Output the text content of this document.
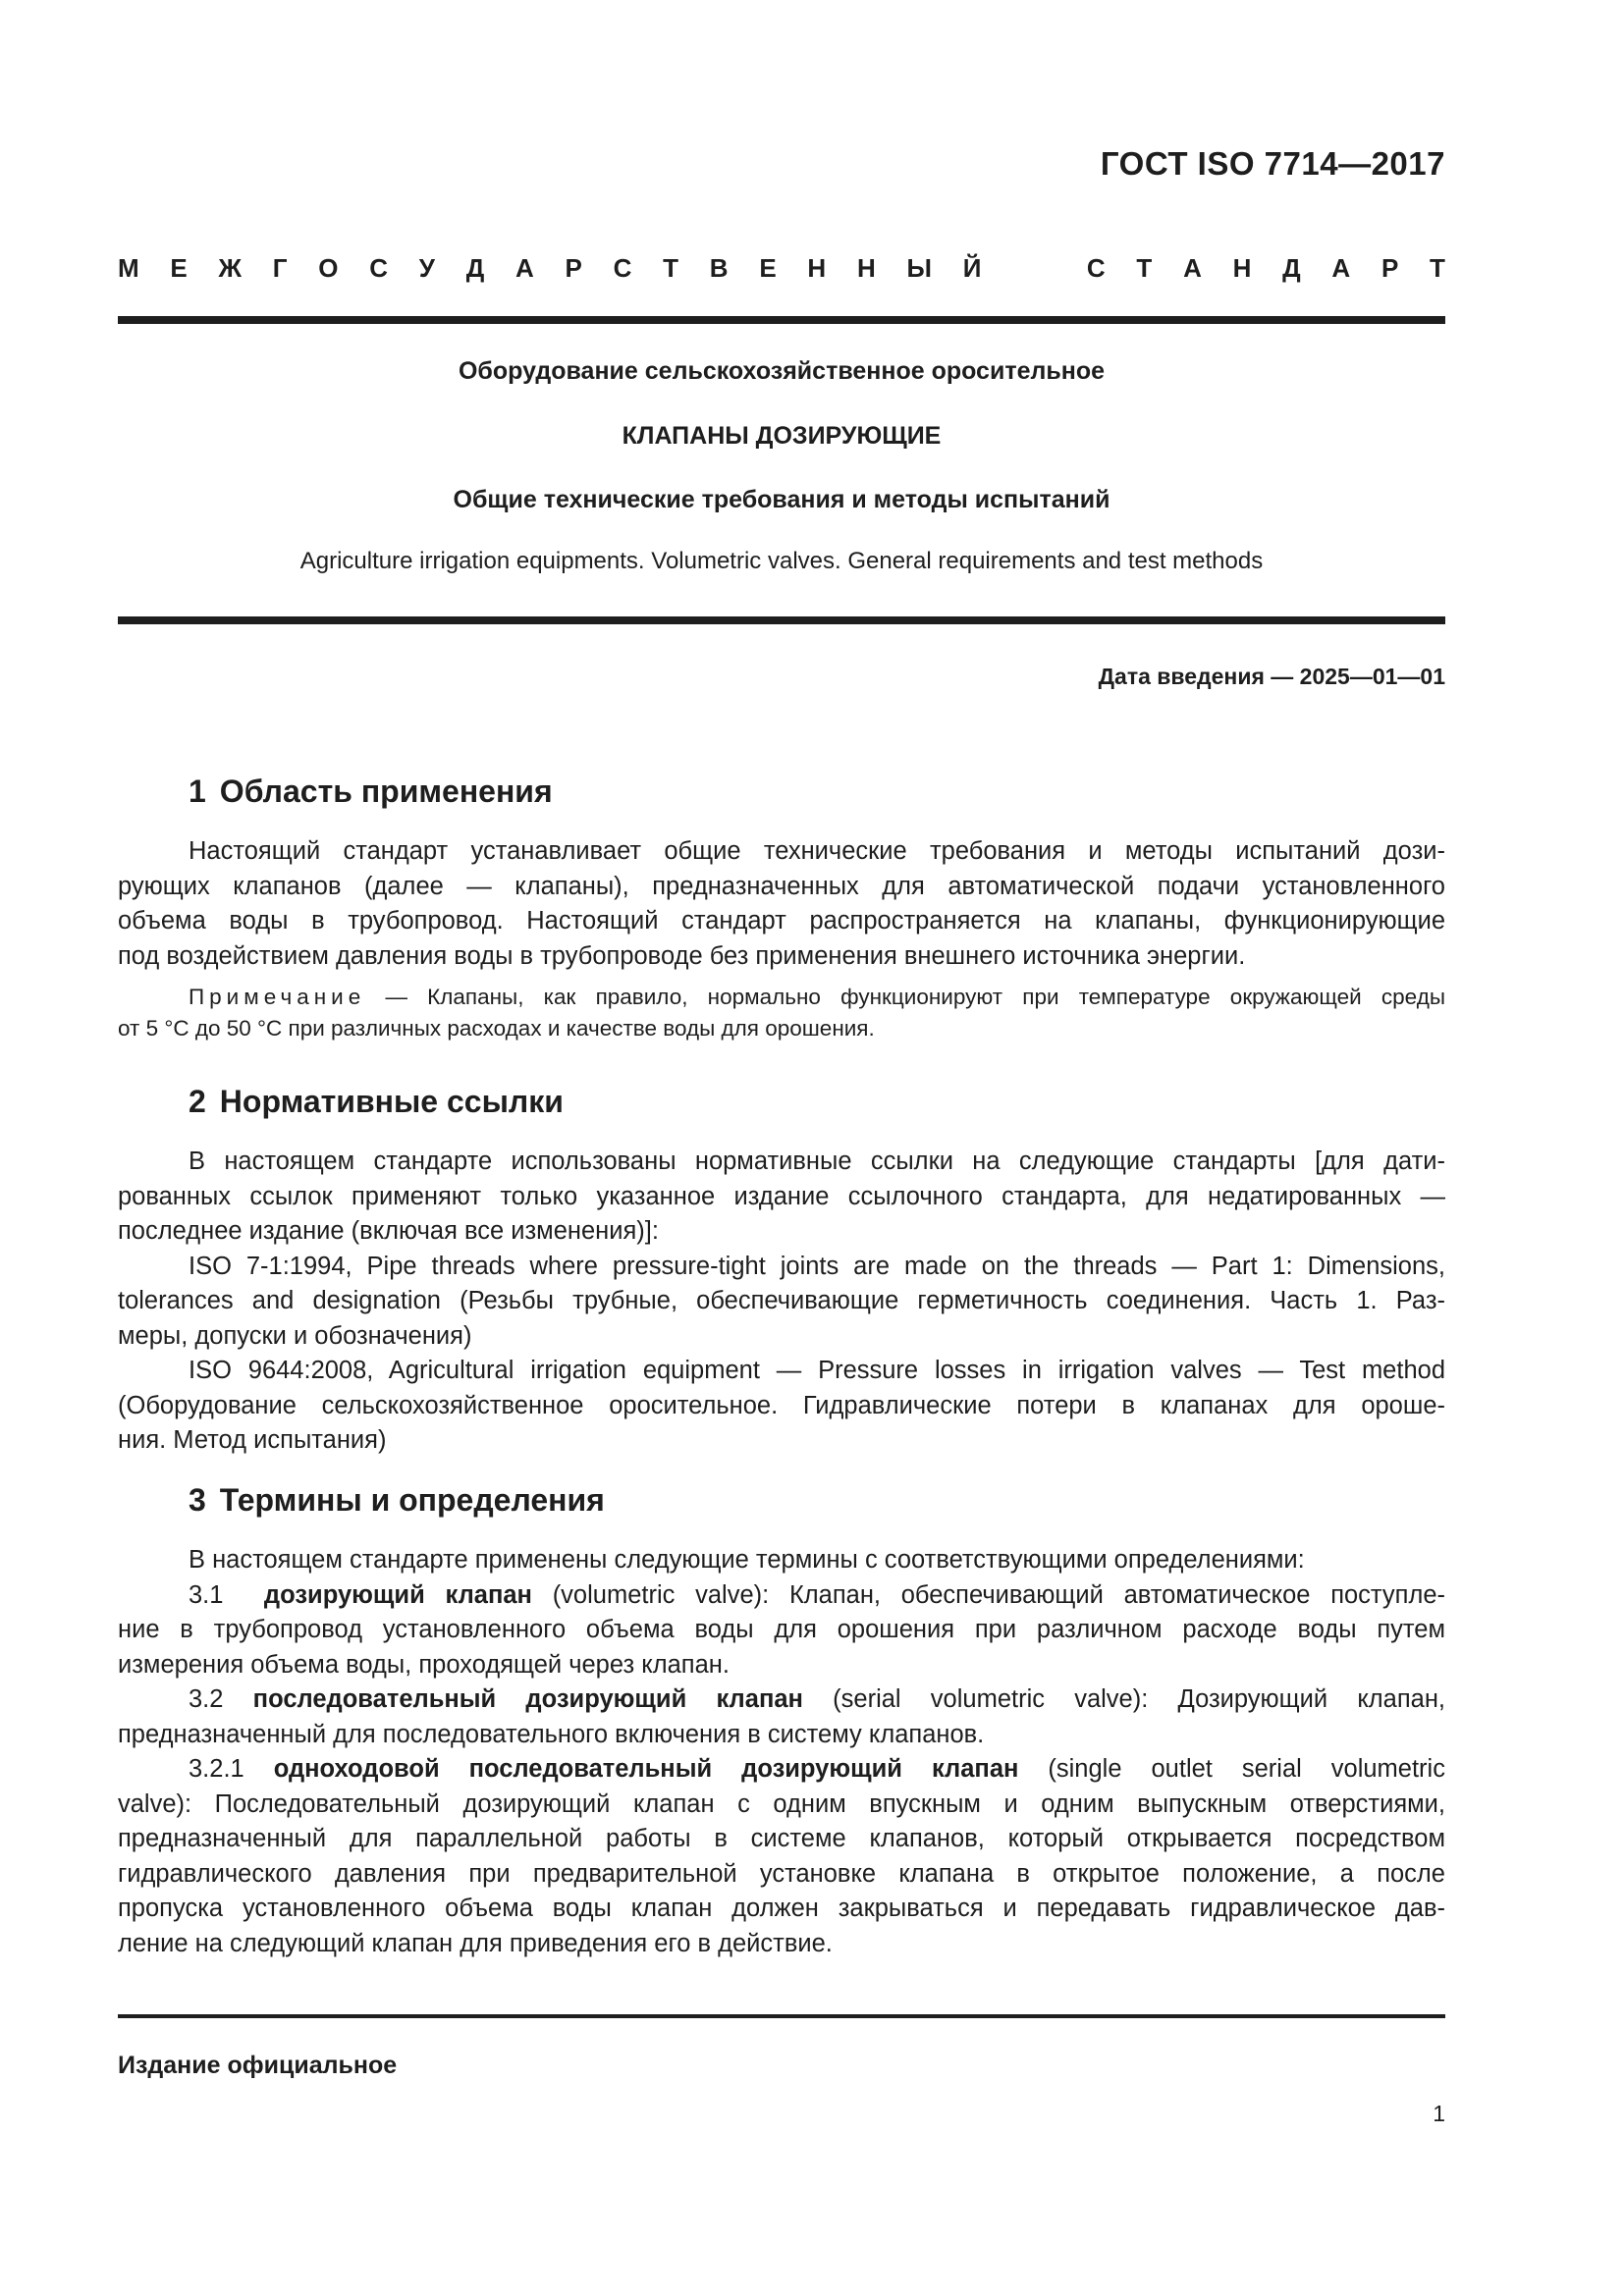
ГОСТ ISO 7714—2017
М Е Ж Г О С У Д А Р С Т В Е Н Н Ы Й	С Т А Н Д А Р Т
Оборудование сельскохозяйственное оросительное
КЛАПАНЫ ДОЗИРУЮЩИЕ
Общие технические требования и методы испытаний
Agriculture irrigation equipments. Volumetric valves. General requirements and test methods
Дата введения — 2025—01—01
1 Область применения
Настоящий стандарт устанавливает общие технические требования и методы испытаний дози-
рующих клапанов (далее — клапаны), предназначенных для автоматической подачи установленного
объема воды в трубопровод. Настоящий стандарт распространяется на клапаны, функционирующие
под воздействием давления воды в трубопроводе без применения внешнего источника энергии.
Примечание — Клапаны, как правило, нормально функционируют при температуре окружающей среды
от 5 °С до 50 °С при различных расходах и качестве воды для орошения.
2 Нормативные ссылки
В настоящем стандарте использованы нормативные ссылки на следующие стандарты [для дати-
рованных ссылок применяют только указанное издание ссылочного стандарта, для недатированных —
последнее издание (включая все изменения)]:
ISO 7-1:1994, Pipe threads where pressure-tight joints are made on the threads — Part 1: Dimensions,
tolerances and designation (Резьбы трубные, обеспечивающие герметичность соединения. Часть 1. Раз-
меры, допуски и обозначения)
ISO 9644:2008, Agricultural irrigation equipment — Pressure losses in irrigation valves — Test method
(Оборудование сельскохозяйственное оросительное. Гидравлические потери в клапанах для ороше-
ния. Метод испытания)
3 Термины и определения
В настоящем стандарте применены следующие термины с соответствующими определениями:
3.1 дозирующий клапан (volumetric valve): Клапан, обеспечивающий автоматическое поступле-
ние в трубопровод установленного объема воды для орошения при различном расходе воды путем
измерения объема воды, проходящей через клапан.
3.2 последовательный дозирующий клапан (serial volumetric valve): Дозирующий клапан,
предназначенный для последовательного включения в систему клапанов.
3.2.1 одноходовой последовательный дозирующий клапан (single outlet serial volumetric
valve): Последовательный дозирующий клапан с одним впускным и одним выпускным отверстиями,
предназначенный для параллельной работы в системе клапанов, который открывается посредством
гидравлического давления при предварительной установке клапана в открытое положение, а после
пропуска установленного объема воды клапан должен закрываться и передавать гидравлическое дав-
ление на следующий клапан для приведения его в действие.
Издание официальное
1
